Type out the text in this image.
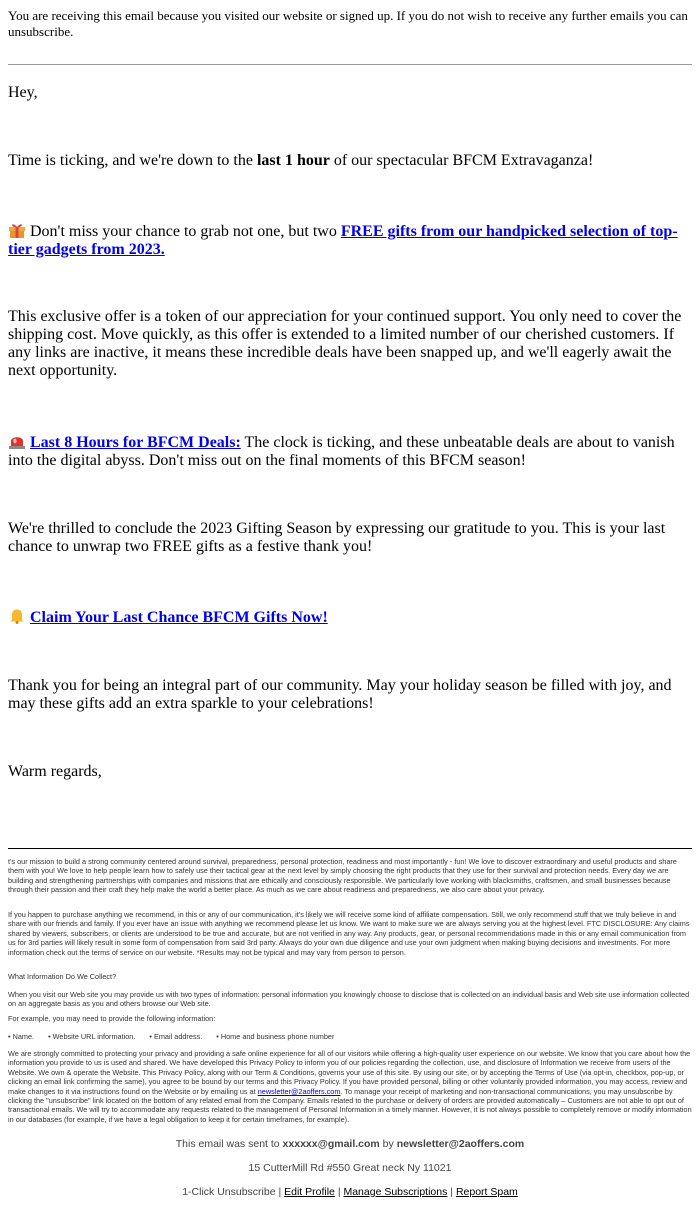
You are receiving this email because you visited our website or signed up. If you do not wish to receive any further emails you can unsubscribe.
Hey,
Time is ticking, and we're down to the last 1 hour of our spectacular BFCM Extravaganza!
Don't miss your chance to grab not one, but two FREE gifts from our handpicked selection of top-tier gadgets from 2023.
This exclusive offer is a token of our appreciation for your continued support. You only need to cover the shipping cost. Move quickly, as this offer is extended to a limited number of our cherished customers. If any links are inactive, it means these incredible deals have been snapped up, and we'll eagerly await the next opportunity.
Last 8 Hours for BFCM Deals: The clock is ticking, and these unbeatable deals are about to vanish into the digital abyss. Don't miss out on the final moments of this BFCM season!
We're thrilled to conclude the 2023 Gifting Season by expressing our gratitude to you. This is your last chance to unwrap two FREE gifts as a festive thank you!
Claim Your Last Chance BFCM Gifts Now!
Thank you for being an integral part of our community. May your holiday season be filled with joy, and may these gifts add an extra sparkle to your celebrations!
Warm regards,
t's our mission to build a strong community centered around survival, preparedness, personal protection, readiness and most importantly - fun! We love to discover extraordinary and useful products and share them with you! We love to help people learn how to safely use their tactical gear at the next level by simply choosing the right products that they use for their survival and protection needs. Every day we are building and strengthening partnerships with companies and missions that are ethically and consciously responsible. We particularly love working with blacksmiths, craftsmen, and small businesses because through their passion and their craft they help make the world a better place. As much as we care about readiness and preparedness, we also care about your privacy.
If you happen to purchase anything we recommend, in this or any of our communication, it's likely we will receive some kind of affiliate compensation. Still, we only recommend stuff that we truly believe in and share with our friends and family. If you ever have an issue with anything we recommend please let us know. We want to make sure we are always serving you at the highest level. FTC DISCLOSURE: Any claims shared by viewers, subscribers, or clients are understood to be true and accurate, but are not verified in any way. Any products, gear, or personal recommendations made in this or any email communication from us for 3rd parties will likely result in some form of compensation from said 3rd party. Always do your own due diligence and use your own judgment when making buying decisions and investments. For more information check out the terms of service on our website. *Results may not be typical and may vary from person to person.
What Information Do We Collect?
When you visit our Web site you may provide us with two types of information: personal information you knowingly choose to disclose that is collected on an individual basis and Web site use information collected on an aggregate basis as you and others browse our Web site.
For example, you may need to provide the following information:
• Name. • Website URL information. • Email address. • Home and business phone number
We are strongly committed to protecting your privacy and providing a safe online experience for all of our visitors while offering a high-quality user experience on our website. We know that you care about how the information you provide to us is used and shared. We have developed this Privacy Policy to inform you of our policies regarding the collection, use, and disclosure of Information we receive from users of the Website. We own & operate the Website. This Privacy Policy, along with our Term & Conditions, governs your use of this site. By using our site, or by accepting the Terms of Use (via opt-in, checkbox, pop-up, or clicking an email link confirming the same), you agree to be bound by our terms and this Privacy Policy. If you have provided personal, billing or other voluntarily provided information, you may access, review and make changes to it via instructions found on the Website or by emailing us at newsletter@2aoffers.com. To manage your receipt of marketing and non-transactional communications, you may unsubscribe by clicking the "unsubscribe" link located on the bottom of any related email from the Company. Emails related to the purchase or delivery of orders are provided automatically – Customers are not able to opt out of transactional emails. We will try to accommodate any requests related to the management of Personal Information in a timely manner. However, it is not always possible to completely remove or modify information in our databases (for example, if we have a legal obligation to keep it for certain timeframes, for example).
This email was sent to xxxxxx@gmail.com by newsletter@2aoffers.com
15 CutterMill Rd #550 Great neck Ny 11021
1-Click Unsubscribe | Edit Profile | Manage Subscriptions | Report Spam
